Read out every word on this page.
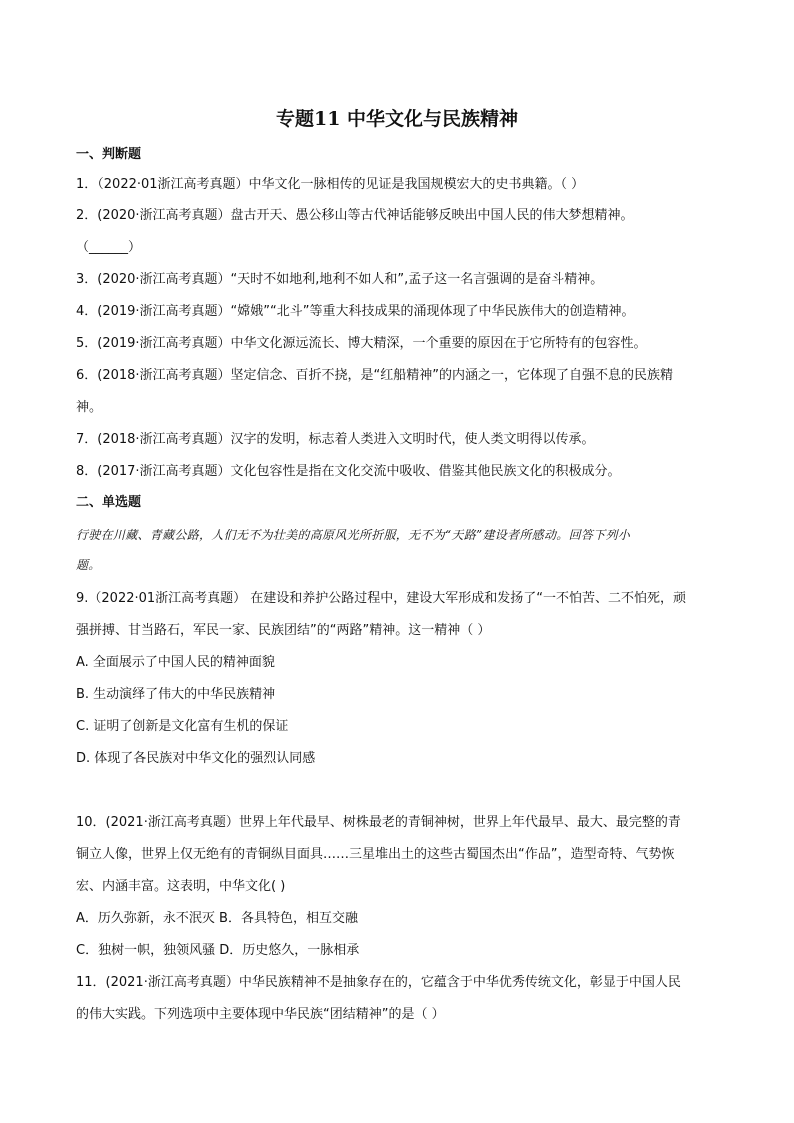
专题11 中华文化与民族精神
一、判断题
1．（2022·01浙江高考真题）中华文化一脉相传的见证是我国规模宏大的史书典籍。（ ）
2．(2020·浙江高考真题）盘古开天、愚公移山等古代神话能够反映出中国人民的伟大梦想精神。
（______）
3．(2020·浙江高考真题）“天时不如地利,地利不如人和”,孟子这一名言强调的是奋斗精神。
4．(2019·浙江高考真题）“嫦娥”“北斗”等重大科技成果的涌现体现了中华民族伟大的创造精神。
5．(2019·浙江高考真题）中华文化源远流长、博大精深，一个重要的原因在于它所特有的包容性。
6．(2018·浙江高考真题）坚定信念、百折不挠，是“红船精神”的内涵之一，它体现了自强不息的民族精
神。
7．(2018·浙江高考真题）汉字的发明，标志着人类进入文明时代，使人类文明得以传承。
8．(2017·浙江高考真题）文化包容性是指在文化交流中吸收、借鉴其他民族文化的积极成分。
二、单选题
行驶在川藏、青藏公路，人们无不为壮美的高原风光所折服，无不为“天路”建设者所感动。回答下列小
题。
9.（2022·01浙江高考真题） 在建设和养护公路过程中，建设大军形成和发扬了“一不怕苦、二不怕死，顽
强拼搏、甘当路石，军民一家、民族团结”的“两路”精神。这一精神（ ）
A. 全面展示了中国人民的精神面貌
B. 生动演绎了伟大的中华民族精神
C. 证明了创新是文化富有生机的保证
D. 体现了各民族对中华文化的强烈认同感
10．(2021·浙江高考真题）世界上年代最早、树株最老的青铜神树，世界上年代最早、最大、最完整的青
铜立人像，世界上仅无绝有的青铜纵目面具……三星堆出土的这些古蜀国杰出“作品”，造型奇特、气势恢
宏、内涵丰富。这表明，中华文化( )
A．历久弥新，永不泯灭 B．各具特色，相互交融
C．独树一帜，独领风骚 D．历史悠久，一脉相承
11．(2021·浙江高考真题）中华民族精神不是抽象存在的，它蕴含于中华优秀传统文化，彰显于中国人民
的伟大实践。下列选项中主要体现中华民族“团结精神”的是（ ）
